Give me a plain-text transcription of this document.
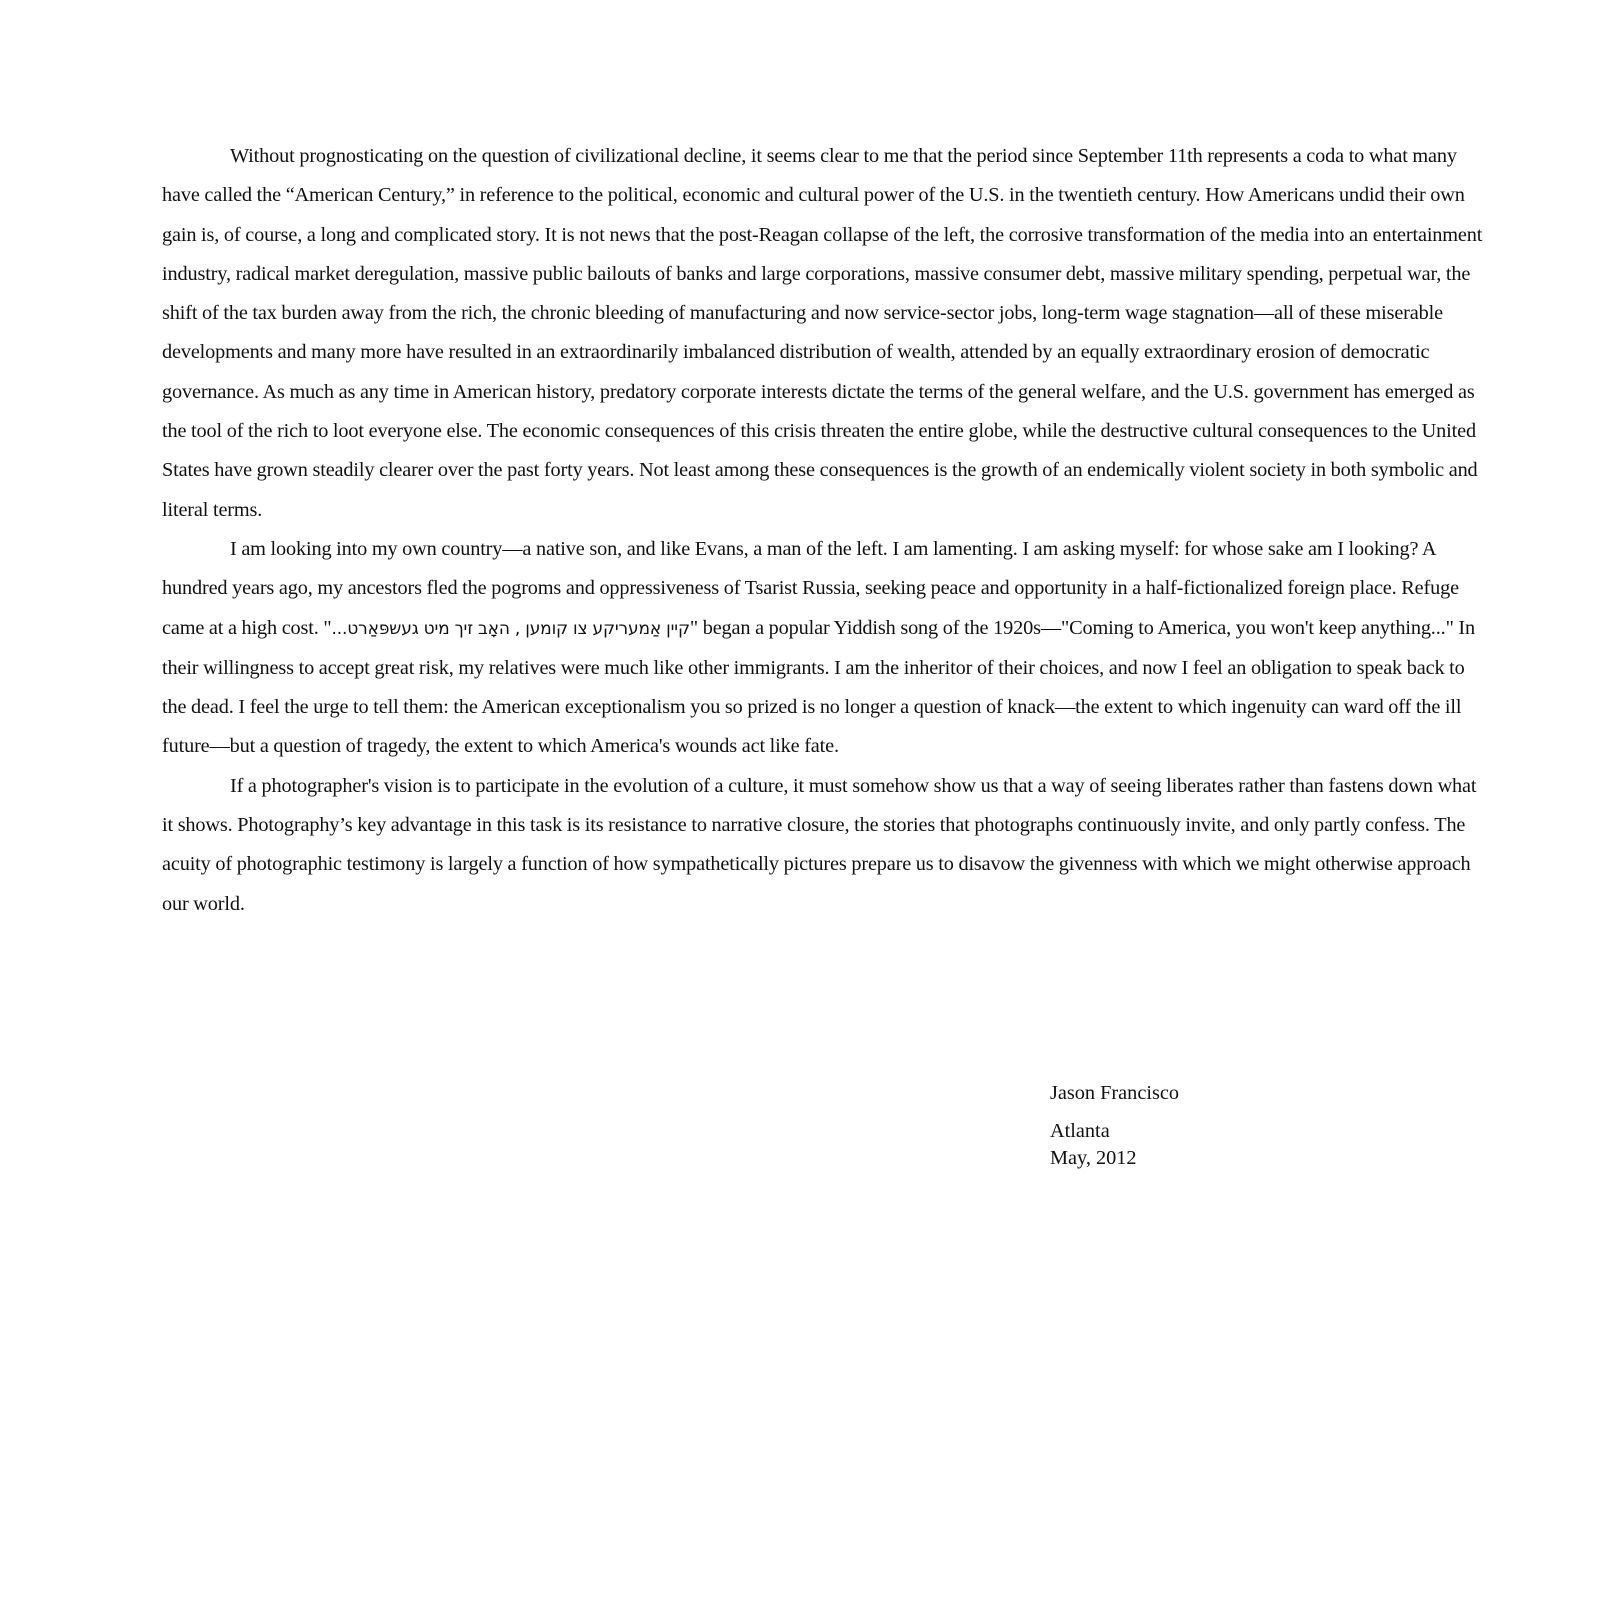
Without prognosticating on the question of civilizational decline, it seems clear to me that the period since September 11th represents a coda to what many have called the “American Century,” in reference to the political, economic and cultural power of the U.S. in the twentieth century. How Americans undid their own gain is, of course, a long and complicated story. It is not news that the post-Reagan collapse of the left, the corrosive transformation of the media into an entertainment industry, radical market deregulation, massive public bailouts of banks and large corporations, massive consumer debt, massive military spending, perpetual war, the shift of the tax burden away from the rich, the chronic bleeding of manufacturing and now service-sector jobs, long-term wage stagnation—all of these miserable developments and many more have resulted in an extraordinarily imbalanced distribution of wealth, attended by an equally extraordinary erosion of democratic governance. As much as any time in American history, predatory corporate interests dictate the terms of the general welfare, and the U.S. government has emerged as the tool of the rich to loot everyone else. The economic consequences of this crisis threaten the entire globe, while the destructive cultural consequences to the United States have grown steadily clearer over the past forty years. Not least among these consequences is the growth of an endemically violent society in both symbolic and literal terms.

I am looking into my own country—a native son, and like Evans, a man of the left. I am lamenting. I am asking myself: for whose sake am I looking? A hundred years ago, my ancestors fled the pogroms and oppressiveness of Tsarist Russia, seeking peace and opportunity in a half-fictionalized foreign place. Refuge came at a high cost. "קיין אַמעריקע צו קומען , האָב זיך מיט געשפּאַרט..." began a popular Yiddish song of the 1920s—"Coming to America, you won't keep anything..." In their willingness to accept great risk, my relatives were much like other immigrants. I am the inheritor of their choices, and now I feel an obligation to speak back to the dead. I feel the urge to tell them: the American exceptionalism you so prized is no longer a question of knack—the extent to which ingenuity can ward off the ill future—but a question of tragedy, the extent to which America's wounds act like fate.

If a photographer's vision is to participate in the evolution of a culture, it must somehow show us that a way of seeing liberates rather than fastens down what it shows. Photography’s key advantage in this task is its resistance to narrative closure, the stories that photographs continuously invite, and only partly confess. The acuity of photographic testimony is largely a function of how sympathetically pictures prepare us to disavow the givenness with which we might otherwise approach our world.

Jason Francisco
Atlanta
May, 2012
